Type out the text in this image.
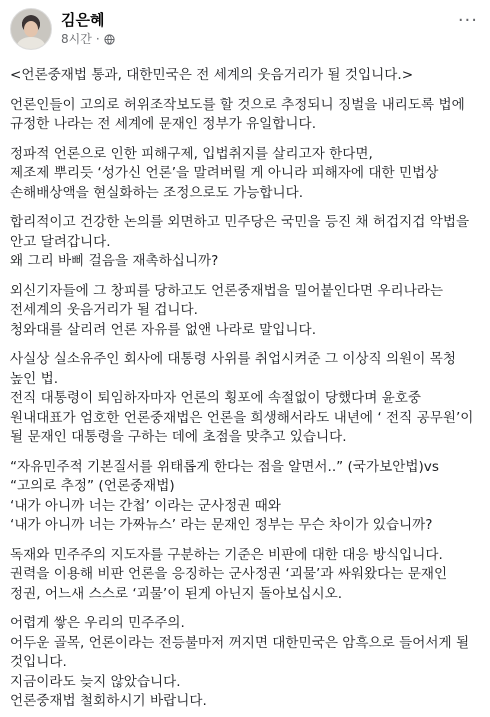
김은혜
8시간 ·
···
<언론중재법 통과, 대한민국은 전 세계의 웃음거리가 될 것입니다.>
언론인들이 고의로 허위조작보도를 할 것으로 추정되니 징벌을 내리도록 법에 규정한 나라는 전 세계에 문재인 정부가 유일합니다.
정파적 언론으로 인한 피해구제, 입법취지를 살리고자 한다면,
제조제 뿌리듯 ‘성가신 언론’을 말려버릴 게 아니라 피해자에 대한 민법상 손해배상액을 현실화하는 조정으로도 가능합니다.
합리적이고 건강한 논의를 외면하고 민주당은 국민을 등진 채 허겁지겁 악법을 안고 달려갑니다.
왜 그리 바삐 걸음을 재촉하십니까?
외신기자들에 그 창피를 당하고도 언론중재법을 밀어붙인다면 우리나라는 전세계의 웃음거리가 될 겁니다.
청와대를 살리려 언론 자유를 없앤 나라로 말입니다.
사실상 실소유주인 회사에 대통령 사위를 취업시켜준 그 이상직 의원이 목청 높인 법.
전직 대통령이 퇴임하자마자 언론의 횡포에 속절없이 당했다며 윤호중 원내대표가 엄호한 언론중재법은 언론을 희생해서라도 내년에 ‘ 전직 공무원’이 될 문재인 대통령을 구하는 데에 초점을 맞추고 있습니다.
“자유민주적 기본질서를 위태롭게 한다는 점을 알면서..” (국가보안법)vs “고의로 추정” (언론중재법)
‘내가 아니까 너는 간첩’ 이라는 군사정권 때와
‘내가 아니까 너는 가짜뉴스’ 라는 문재인 정부는 무슨 차이가 있습니까?
독재와 민주주의 지도자를 구분하는 기준은 비판에 대한 대응 방식입니다.
권력을 이용해 비판 언론을 응징하는 군사정권 ‘괴물’과 싸워왔다는 문재인 정권, 어느새 스스로 ‘괴물’이 된게 아닌지 돌아보십시오.
어렵게 쌓은 우리의 민주주의.
어두운 골목, 언론이라는 전등불마저 꺼지면 대한민국은 암흑으로 들어서게 될 것입니다.
지금이라도 늦지 않았습니다.
언론중재법 철회하시기 바랍니다.
